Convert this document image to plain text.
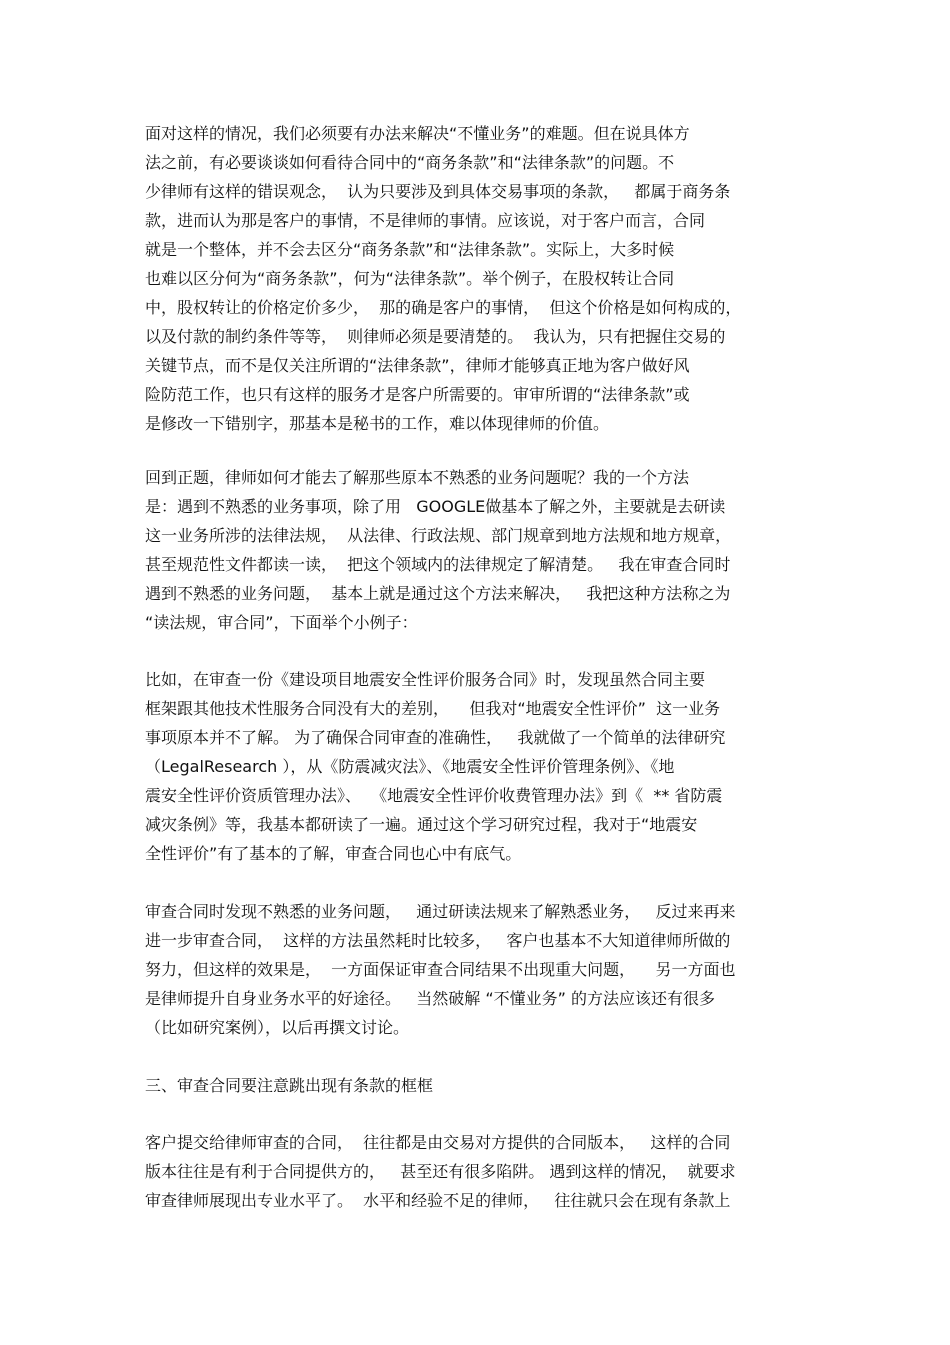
面对这样的情况，我们必须要有办法来解决“不懂业务”的难题。但在说具体方
法之前，有必要谈谈如何看待合同中的“商务条款”和“法律条款”的问题。不
少律师有这样的错误观念，  认为只要涉及到具体交易事项的条款，   都属于商务条
款，进而认为那是客户的事情，不是律师的事情。应该说，对于客户而言，合同
就是一个整体，并不会去区分“商务条款”和“法律条款”。实际上，大多时候
也难以区分何为“商务条款”，何为“法律条款”。举个例子，在股权转让合同
中，股权转让的价格定价多少，  那的确是客户的事情，  但这个价格是如何构成的，
以及付款的制约条件等等，  则律师必须是要清楚的。  我认为，只有把握住交易的
关键节点，而不是仅关注所谓的“法律条款”，律师才能够真正地为客户做好风
险防范工作，也只有这样的服务才是客户所需要的。审审所谓的“法律条款”或
是修改一下错别字，那基本是秘书的工作，难以体现律师的价值。
回到正题，律师如何才能去了解那些原本不熟悉的业务问题呢？我的一个方法
是：遇到不熟悉的业务事项，除了用   GOOGLE做基本了解之外，主要就是去研读
这一业务所涉的法律法规，  从法律、行政法规、部门规章到地方法规和地方规章，
甚至规范性文件都读一读，  把这个领域内的法律规定了解清楚。   我在审查合同时
遇到不熟悉的业务问题，  基本上就是通过这个方法来解决，   我把这种方法称之为
“读法规，审合同”，下面举个小例子：
比如，在审查一份《建设项目地震安全性评价服务合同》时，发现虽然合同主要
框架跟其他技术性服务合同没有大的差别，    但我对“地震安全性评价”  这一业务
事项原本并不了解。 为了确保合同审查的准确性，   我就做了一个简单的法律研究
（LegalResearch ），从《防震减灾法》、《地震安全性评价管理条例》、《地
震安全性评价资质管理办法》、  《地震安全性评价收费管理办法》到《  ** 省防震
减灾条例》等，我基本都研读了一遍。通过这个学习研究过程，我对于“地震安
全性评价”有了基本的了解，审查合同也心中有底气。
审查合同时发现不熟悉的业务问题，   通过研读法规来了解熟悉业务，   反过来再来
进一步审查合同，  这样的方法虽然耗时比较多，   客户也基本不大知道律师所做的
努力，但这样的效果是，  一方面保证审查合同结果不出现重大问题，    另一方面也
是律师提升自身业务水平的好途径。   当然破解 “不懂业务” 的方法应该还有很多
（比如研究案例），以后再撰文讨论。
三、审查合同要注意跳出现有条款的框框
客户提交给律师审查的合同，  往往都是由交易对方提供的合同版本，   这样的合同
版本往往是有利于合同提供方的，   甚至还有很多陷阱。 遇到这样的情况，  就要求
审查律师展现出专业水平了。  水平和经验不足的律师，   往往就只会在现有条款上
